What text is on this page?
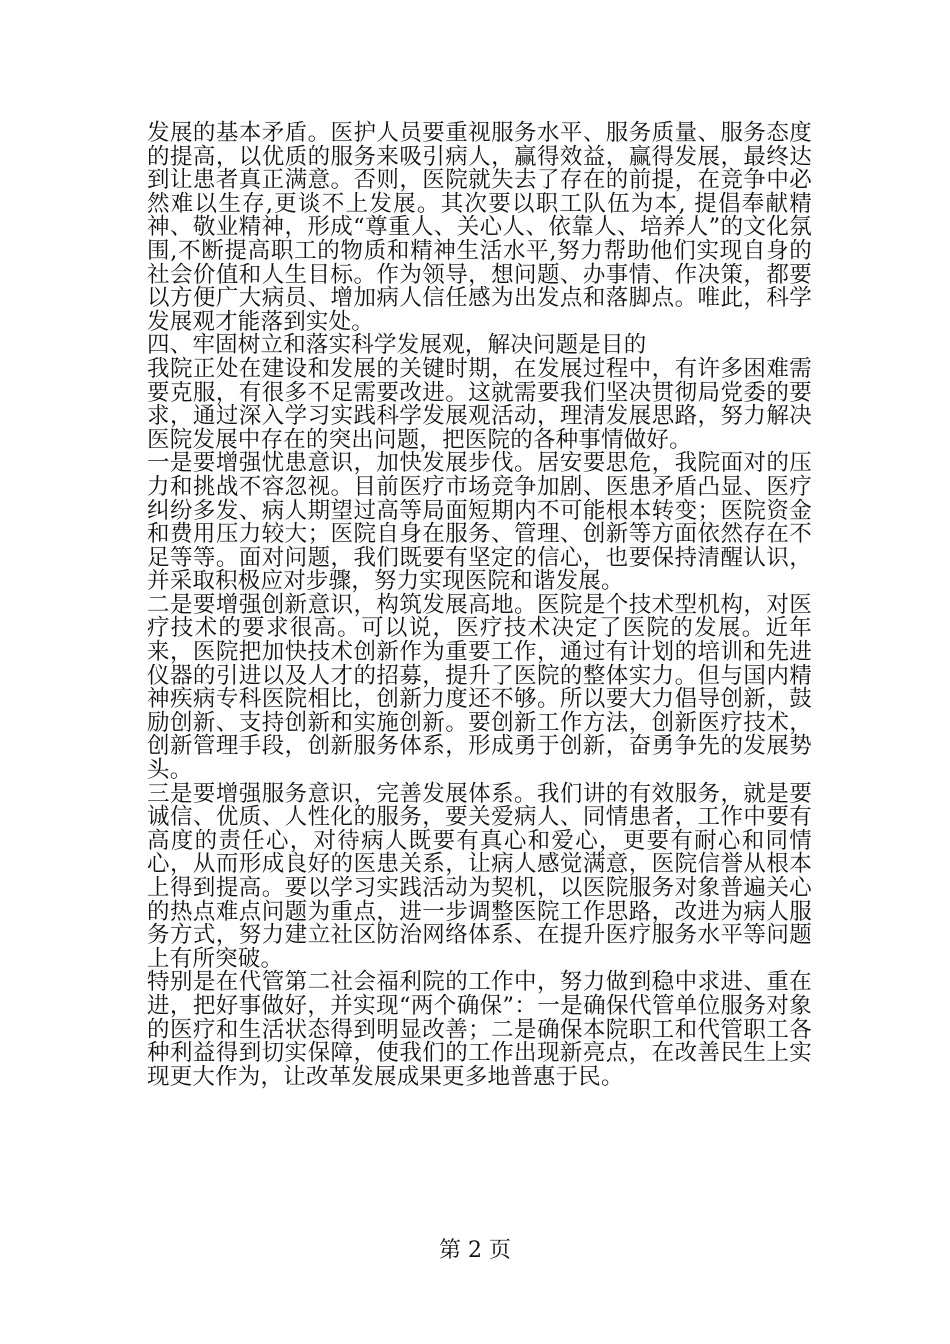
发展的基本矛盾。医护人员要重视服务水平、服务质量、服务态度的提高，以优质的服务来吸引病人，赢得效益，赢得发展，最终达到让患者真正满意。否则，医院就失去了存在的前提，在竞争中必然难以生存,更谈不上发展。其次要以职工队伍为本, 提倡奉献精神、敬业精神，形成“尊重人、关心人、依靠人、培养人”的文化氛围,不断提高职工的物质和精神生活水平,努力帮助他们实现自身的社会价值和人生目标。作为领导，想问题、办事情、作决策，都要以方便广大病员、增加病人信任感为出发点和落脚点。唯此，科学发展观才能落到实处。

四、牢固树立和落实科学发展观，解决问题是目的

我院正处在建设和发展的关键时期，在发展过程中，有许多困难需要克服，有很多不足需要改进。这就需要我们坚决贯彻局党委的要求，通过深入学习实践科学发展观活动，理清发展思路，努力解决医院发展中存在的突出问题，把医院的各种事情做好。

一是要增强忧患意识，加快发展步伐。居安要思危，我院面对的压力和挑战不容忽视。目前医疗市场竞争加剧、医患矛盾凸显、医疗纠纷多发、病人期望过高等局面短期内不可能根本转变；医院资金和费用压力较大；医院自身在服务、管理、创新等方面依然存在不足等等。面对问题，我们既要有坚定的信心，也要保持清醒认识，并采取积极应对步骤，努力实现医院和谐发展。

二是要增强创新意识，构筑发展高地。医院是个技术型机构，对医疗技术的要求很高。可以说，医疗技术决定了医院的发展。近年来，医院把加快技术创新作为重要工作，通过有计划的培训和先进仪器的引进以及人才的招募，提升了医院的整体实力。但与国内精神疾病专科医院相比，创新力度还不够。所以要大力倡导创新，鼓励创新、支持创新和实施创新。要创新工作方法，创新医疗技术，创新管理手段，创新服务体系，形成勇于创新，奋勇争先的发展势头。

三是要增强服务意识，完善发展体系。我们讲的有效服务，就是要诚信、优质、人性化的服务，要关爱病人、同情患者，工作中要有高度的责任心，对待病人既要有真心和爱心，更要有耐心和同情心，从而形成良好的医患关系，让病人感觉满意，医院信誉从根本上得到提高。要以学习实践活动为契机，以医院服务对象普遍关心的热点难点问题为重点，进一步调整医院工作思路，改进为病人服务方式，努力建立社区防治网络体系、在提升医疗服务水平等问题上有所突破。

特别是在代管第二社会福利院的工作中，努力做到稳中求进、重在进，把好事做好，并实现“两个确保”：一是确保代管单位服务对象的医疗和生活状态得到明显改善；二是确保本院职工和代管职工各种利益得到切实保障，使我们的工作出现新亮点，在改善民生上实现更大作为，让改革发展成果更多地普惠于民。

第 2 页
